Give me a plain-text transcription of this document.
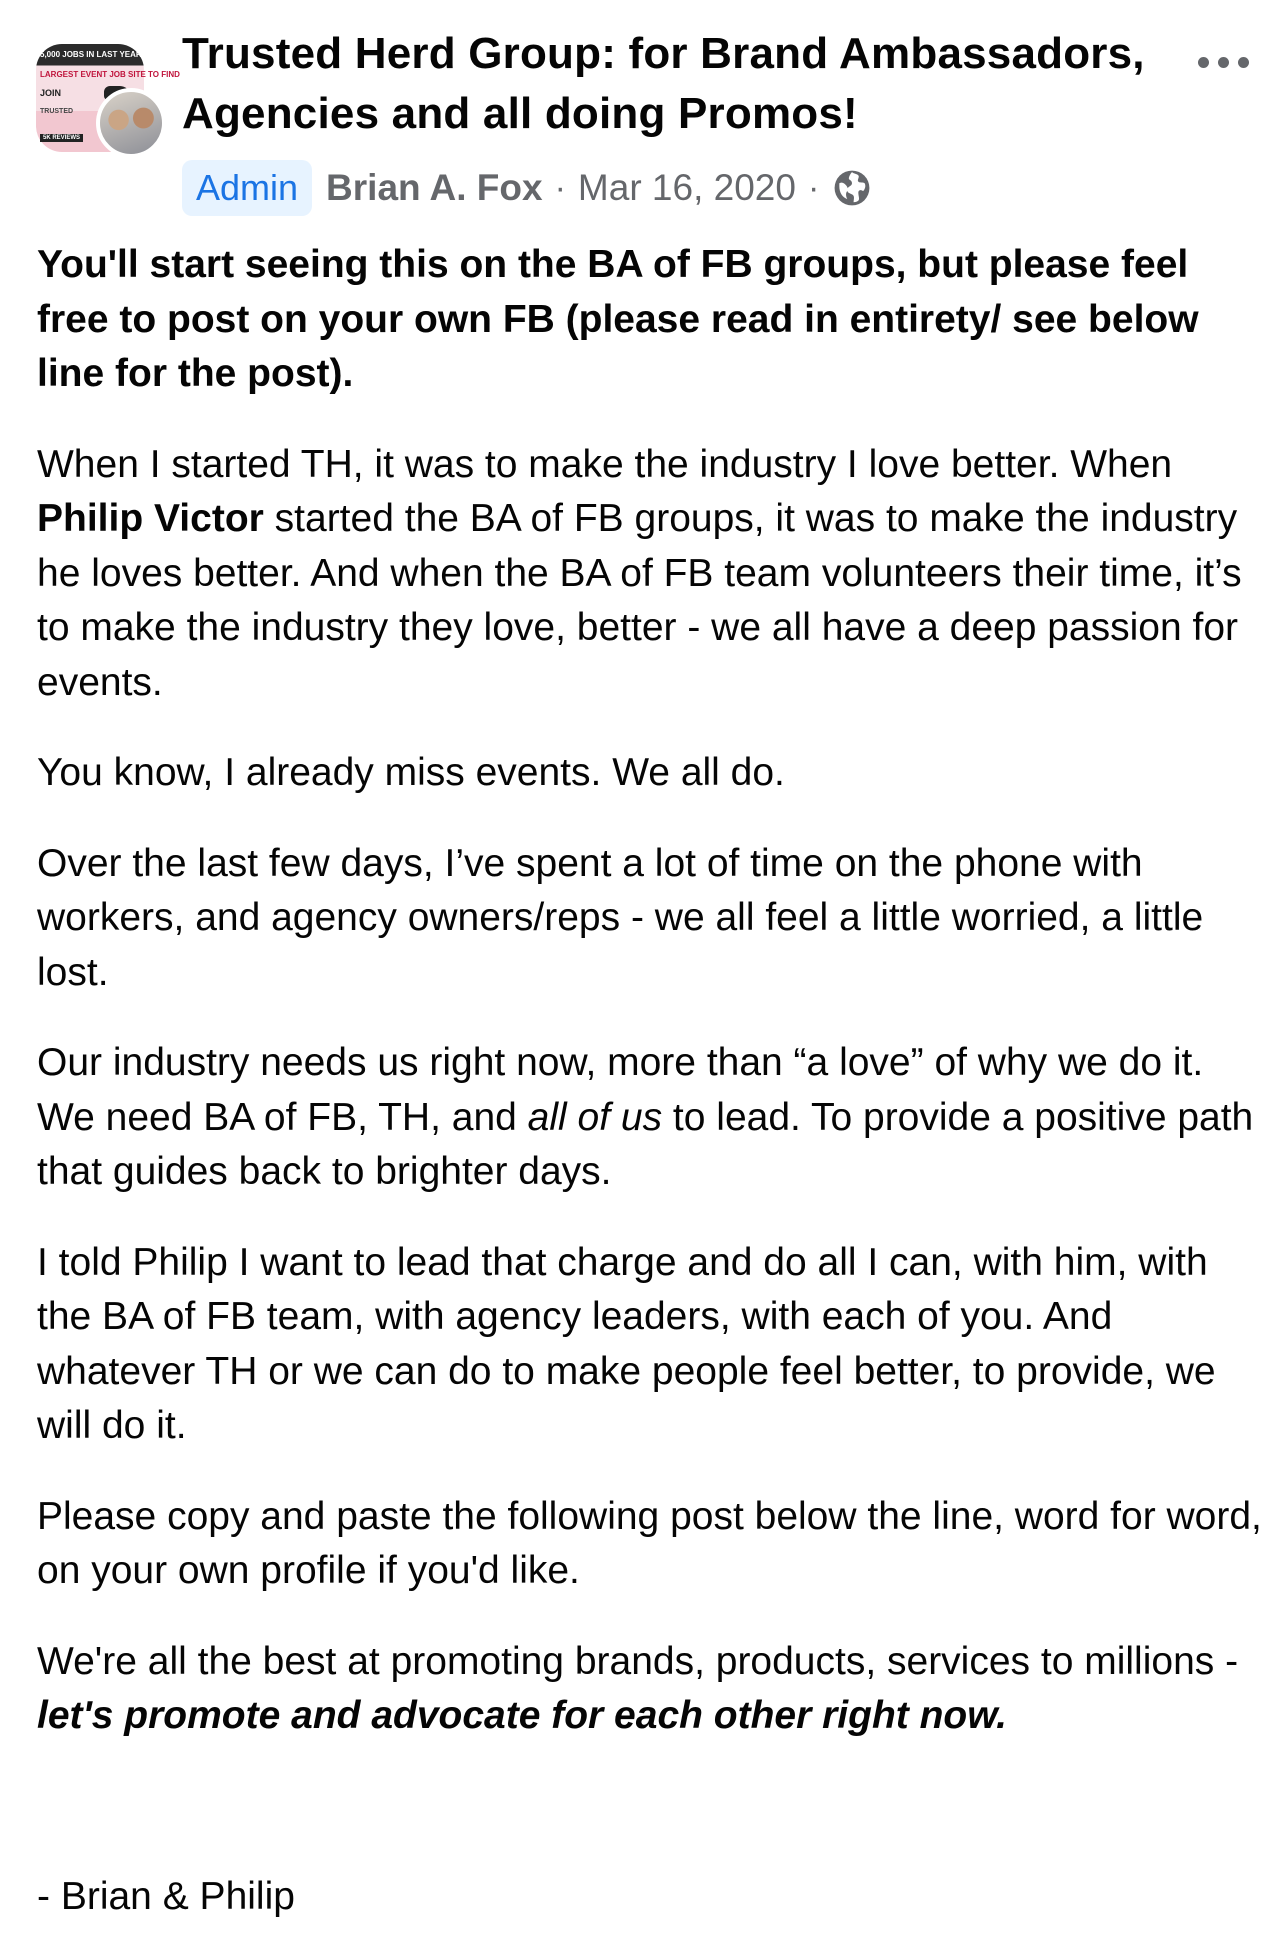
5,000 JOBS IN LAST YEAR
LARGEST EVENT JOB SITE TO FIND
JOIN
TRUSTED
5K REVIEWS
Trusted Herd Group: for Brand Ambassadors, Agencies and all doing Promos!
Admin Brian A. Fox · Mar 16, 2020 ·

You'll start seeing this on the BA of FB groups, but please feel free to post on your own FB (please read in entirety/ see below line for the post).

When I started TH, it was to make the industry I love better. When Philip Victor started the BA of FB groups, it was to make the industry he loves better. And when the BA of FB team volunteers their time, it’s to make the industry they love, better - we all have a deep passion for events.

You know, I already miss events. We all do.

Over the last few days, I’ve spent a lot of time on the phone with workers, and agency owners/reps - we all feel a little worried, a little lost.

Our industry needs us right now, more than “a love” of why we do it. We need BA of FB, TH, and all of us to lead. To provide a positive path that guides back to brighter days.

I told Philip I want to lead that charge and do all I can, with him, with the BA of FB team, with agency leaders, with each of you. And whatever TH or we can do to make people feel better, to provide, we will do it.

Please copy and paste the following post below the line, word for word, on your own profile if you'd like.

We're all the best at promoting brands, products, services to millions - let's promote and advocate for each other right now.

- Brian & Philip
